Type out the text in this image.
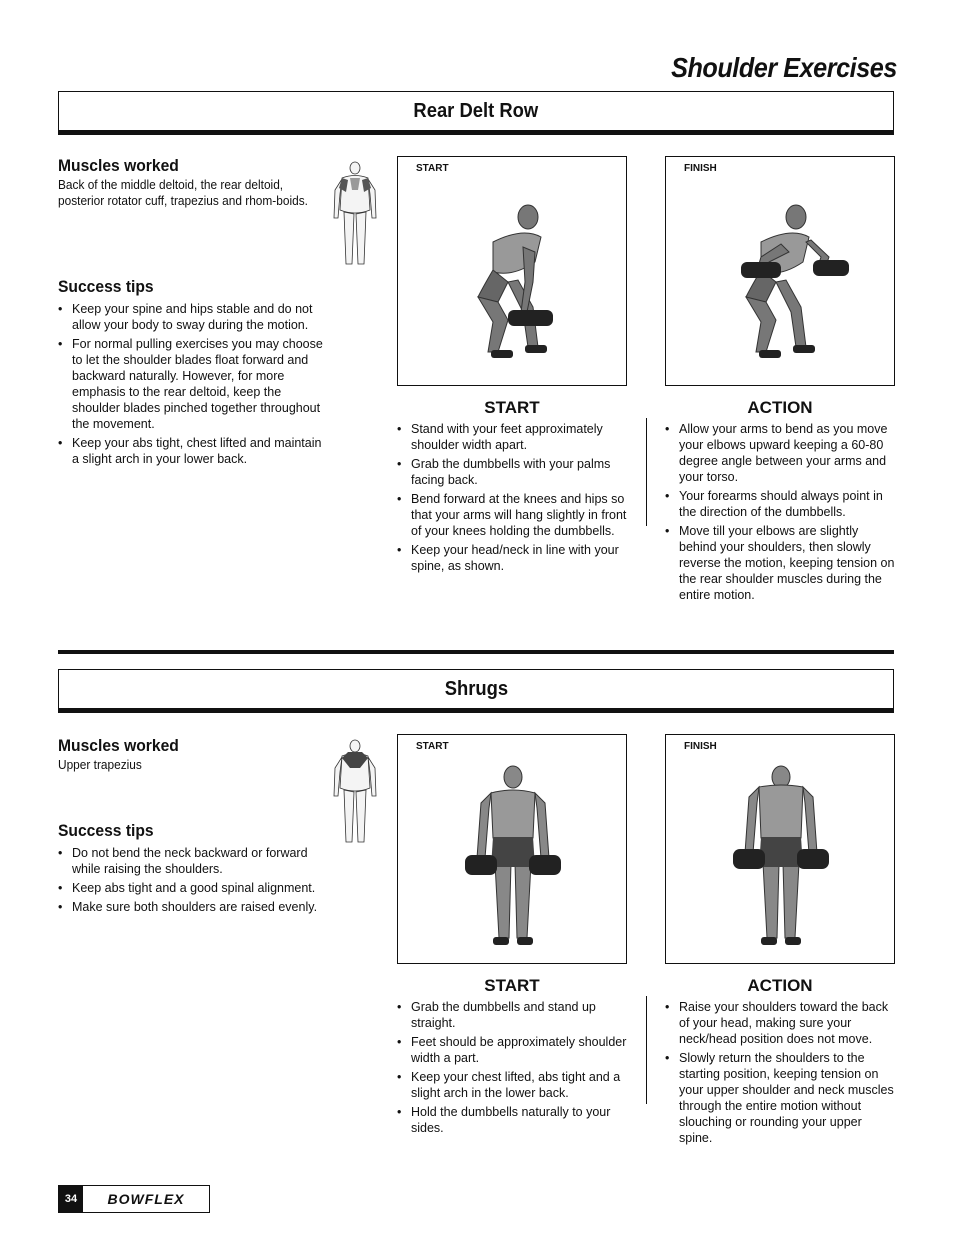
Shoulder Exercises
Rear Delt Row
Muscles worked
Back of the middle deltoid, the rear deltoid, posterior rotator cuff, trapezius and rhom-boids.
Success tips
• Keep your spine and hips stable and do not allow your body to sway during the motion.
• For normal pulling exercises you may choose to let the shoulder blades float forward and backward naturally. However, for more emphasis to the rear deltoid, keep the shoulder blades pinched together throughout the movement.
• Keep your abs tight, chest lifted and maintain a slight arch in your lower back.
START	FINISH
START
• Stand with your feet approximately shoulder width apart.
• Grab the dumbbells with your palms facing back.
• Bend forward at the knees and hips so that your arms will hang slightly in front of your knees holding the dumbbells.
• Keep your head/neck in line with your spine, as shown.
ACTION
• Allow your arms to bend as you move your elbows upward keeping a 60-80 degree angle between your arms and your torso.
• Your forearms should always point in the direction of the dumbbells.
• Move till your elbows are slightly behind your shoulders, then slowly reverse the motion, keeping tension on the rear shoulder muscles during the entire motion.
Shrugs
Muscles worked
Upper trapezius
Success tips
• Do not bend the neck backward or forward while raising the shoulders.
• Keep abs tight and a good spinal alignment.
• Make sure both shoulders are raised evenly.
START	FINISH
START
• Grab the dumbbells and stand up straight.
• Feet should be approximately shoulder width a part.
• Keep your chest lifted, abs tight and a slight arch in the lower back.
• Hold the dumbbells naturally to your sides.
ACTION
• Raise your shoulders toward the back of your head, making sure your neck/head position does not move.
• Slowly return the shoulders to the starting position, keeping tension on your upper shoulder and neck muscles through the entire motion without slouching or rounding your upper spine.
34	BOWFLEX
